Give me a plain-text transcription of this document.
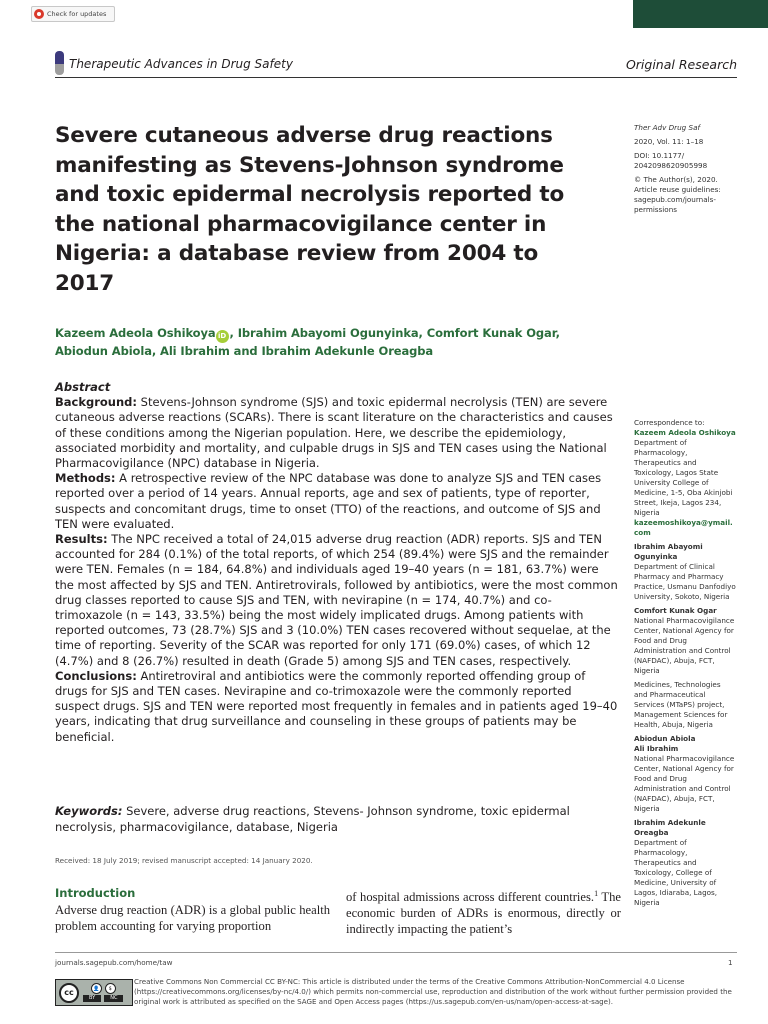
Check for updates
Therapeutic Advances in Drug Safety	Original Research
Severe cutaneous adverse drug reactions manifesting as Stevens-Johnson syndrome and toxic epidermal necrolysis reported to the national pharmacovigilance center in Nigeria: a database review from 2004 to 2017
Kazeem Adeola Oshikoya iD , Ibrahim Abayomi Ogunyinka, Comfort Kunak Ogar, Abiodun Abiola, Ali Ibrahim and Ibrahim Adekunle Oreagba

Ther Adv Drug Saf

2020, Vol. 11: 1–18

DOI: 10.1177/ 2042098620905998

© The Author(s), 2020. Article reuse guidelines: sagepub.com/journals-permissions

Correspondence to:

Kazeem Adeola Oshikoya

Department of Pharmacology, Therapeutics and Toxicology, Lagos State University College of Medicine, 1-5, Oba Akinjobi Street, Ikeja, Lagos 234, Nigeria

kazeemoshikoya@ymail.com

Ibrahim Abayomi Ogunyinka

Department of Clinical Pharmacy and Pharmacy Practice, Usmanu Danfodiyo University, Sokoto, Nigeria

Comfort Kunak Ogar

National Pharmacovigilance Center, National Agency for Food and Drug Administration and Control (NAFDAC), Abuja, FCT, Nigeria

Medicines, Technologies and Pharmaceutical Services (MTaPS) project, Management Sciences for Health, Abuja, Nigeria

Abiodun Abiola

Ali Ibrahim

National Pharmacovigilance Center, National Agency for Food and Drug Administration and Control (NAFDAC), Abuja, FCT, Nigeria

Ibrahim Adekunle Oreagba

Department of Pharmacology, Therapeutics and Toxicology, College of Medicine, University of Lagos, Idiaraba, Lagos, Nigeria

Abstract

Background: Stevens-Johnson syndrome (SJS) and toxic epidermal necrolysis (TEN) are severe cutaneous adverse reactions (SCARs). There is scant literature on the characteristics and causes of these conditions among the Nigerian population. Here, we describe the epidemiology, associated morbidity and mortality, and culpable drugs in SJS and TEN cases using the National Pharmacovigilance (NPC) database in Nigeria.

Methods: A retrospective review of the NPC database was done to analyze SJS and TEN cases reported over a period of 14 years. Annual reports, age and sex of patients, type of reporter, suspects and concomitant drugs, time to onset (TTO) of the reactions, and outcome of SJS and TEN were evaluated.

Results: The NPC received a total of 24,015 adverse drug reaction (ADR) reports. SJS and TEN accounted for 284 (0.1%) of the total reports, of which 254 (89.4%) were SJS and the remainder were TEN. Females (n = 184, 64.8%) and individuals aged 19–40 years (n = 181, 63.7%) were the most affected by SJS and TEN. Antiretrovirals, followed by antibiotics, were the most common drug classes reported to cause SJS and TEN, with nevirapine (n = 174, 40.7%) and co-trimoxazole (n = 143, 33.5%) being the most widely implicated drugs. Among patients with reported outcomes, 73 (28.7%) SJS and 3 (10.0%) TEN cases recovered without sequelae, at the time of reporting. Severity of the SCAR was reported for only 171 (69.0%) cases, of which 12 (4.7%) and 8 (26.7%) resulted in death (Grade 5) among SJS and TEN cases, respectively.

Conclusions: Antiretroviral and antibiotics were the commonly reported offending group of drugs for SJS and TEN cases. Nevirapine and co-trimoxazole were the commonly reported suspect drugs. SJS and TEN were reported most frequently in females and in patients aged 19–40 years, indicating that drug surveillance and counseling in these groups of patients may be beneficial.

Keywords: Severe, adverse drug reactions, Stevens- Johnson syndrome, toxic epidermal necrolysis, pharmacovigilance, database, Nigeria
Received: 18 July 2019; revised manuscript accepted: 14 January 2020.
Introduction
Adverse drug reaction (ADR) is a global public health problem accounting for varying proportion
of hospital admissions across different countries.$^1$ The economic burden of ADRs is enormous, directly or indirectly impacting the patient’s
journals.sagepub.com/home/taw	1
cc	👤	$
BY	NC
Creative Commons Non Commercial CC BY-NC: This article is distributed under the terms of the Creative Commons Attribution-NonCommercial 4.0 License (https://creativecommons.org/licenses/by-nc/4.0/) which permits non-commercial use, reproduction and distribution of the work without further permission provided the original work is attributed as specified on the SAGE and Open Access pages (https://us.sagepub.com/en-us/nam/open-access-at-sage).
